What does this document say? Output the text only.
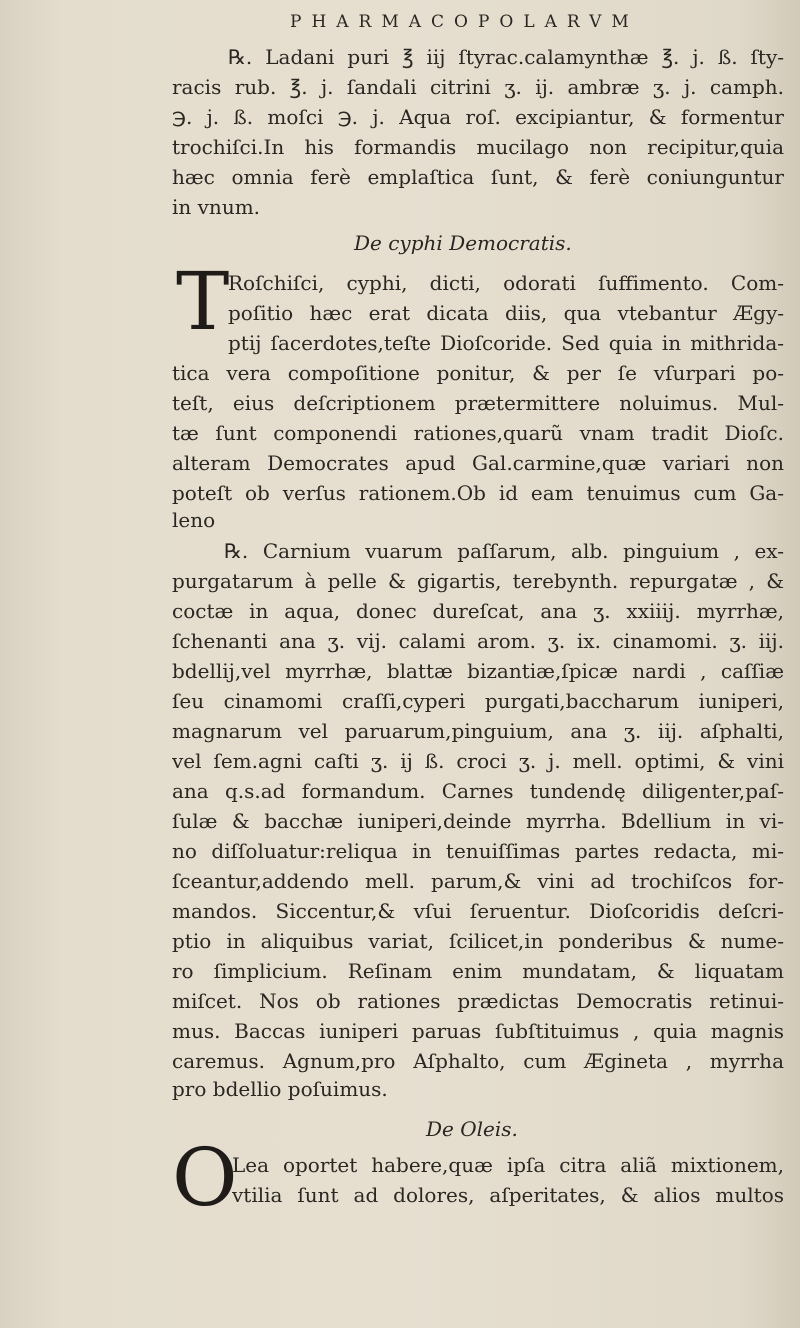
PHARMACOPOLARVM
℞. Ladani puri ℥ iij ſtyrac.calamynthæ ℥. j. ß. ſty-
racis rub. ℥. j. ſandali citrini ʒ. ij. ambræ ʒ. j. camph.
℈. j. ß. moſci ℈. j. Aqua roſ. excipiantur, & formentur
trochiſci.In his formandis mucilago non recipitur,quia
hæc omnia ferè emplaſtica ſunt, & ferè coniunguntur
in vnum.
De cyphi Democratis.
T
Roſchiſci, cyphi, dicti, odorati ſuffimento. Com-
poſitio hæc erat dicata diis, qua vtebantur Ægy-
ptij ſacerdotes,teſte Dioſcoride. Sed quia in mithrida-
tica vera compoſitione ponitur, & per ſe vſurpari po-
teſt, eius deſcriptionem prætermittere noluimus. Mul-
tæ ſunt componendi rationes,quarũ vnam tradit Dioſc.
alteram Democrates apud Gal.carmine,quæ variari non
poteſt ob verſus rationem.Ob id eam tenuimus cum Ga-
leno
℞. Carnium vuarum paſſarum, alb. pinguium , ex-
purgatarum à pelle & gigartis, terebynth. repurgatæ , &
coctæ in aqua, donec dureſcat, ana ʒ. xxiiij. myrrhæ,
ſchenanti ana ʒ. vij. calami arom. ʒ. ix. cinamomi. ʒ. iij.
bdellij,vel myrrhæ, blattæ bizantiæ,ſpicæ nardi , caſſiæ
ſeu cinamomi craſſi,cyperi purgati,baccharum iuniperi,
magnarum vel paruarum,pinguium, ana ʒ. iij. aſphalti,
vel ſem.agni caſti ʒ. ij ß. croci ʒ. j. mell. optimi, & vini
ana q.s.ad formandum. Carnes tundendę diligenter,paſ-
ſulæ & bacchæ iuniperi,deinde myrrha. Bdellium in vi-
no diſſoluatur:reliqua in tenuiſſimas partes redacta, mi-
ſceantur,addendo mell. parum,& vini ad trochiſcos for-
mandos. Siccentur,& vſui ſeruentur. Dioſcoridis deſcri-
ptio in aliquibus variat, ſcilicet,in ponderibus & nume-
ro ſimplicium. Reſinam enim mundatam, & liquatam
miſcet. Nos ob rationes prædictas Democratis retinui-
mus. Baccas iuniperi paruas ſubſtituimus , quia magnis
caremus. Agnum,pro Aſphalto, cum Ægineta , myrrha
pro bdellio poſuimus.
De Oleis.
O
Lea oportet habere,quæ ipſa citra aliã mixtionem,
vtilia ſunt ad dolores, aſperitates, & alios multos
